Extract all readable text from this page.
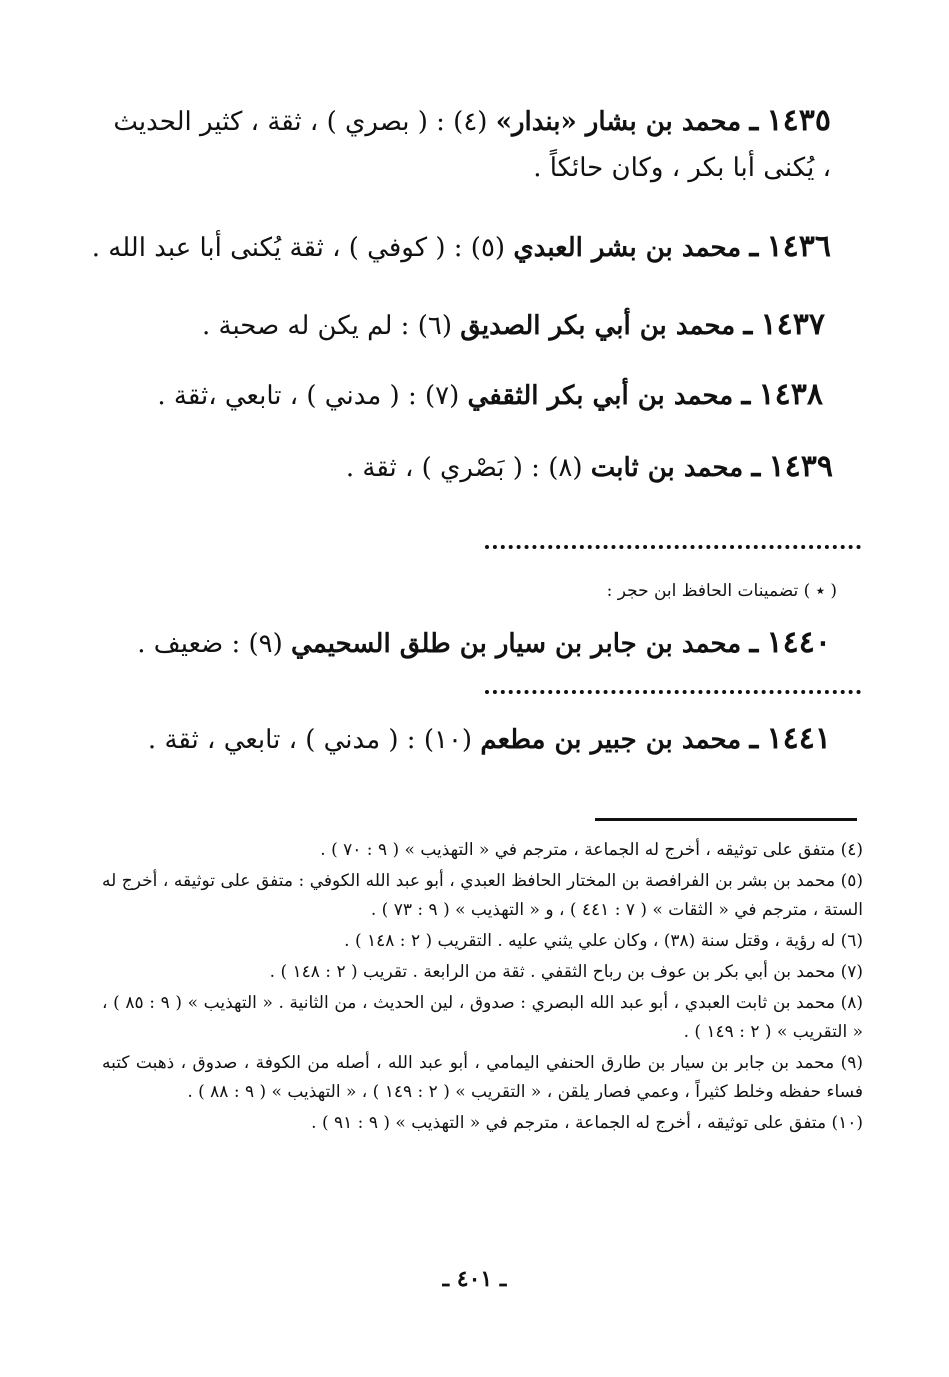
١٤٣٥ ـ محمد بن بشار «بندار» (٤) : ( بصري ) ، ثقة ، كثير الحديث ، يُكنى أبا بكر ، وكان حائكاً .
١٤٣٦ ـ محمد بن بشر العبدي (٥) : ( كوفي ) ، ثقة يُكنى أبا عبد الله .
١٤٣٧ ـ محمد بن أبي بكر الصديق (٦) : لم يكن له صحبة .
١٤٣٨ ـ محمد بن أبي بكر الثقفي (٧) : ( مدني ) ، تابعي ،ثقة .
١٤٣٩ ـ محمد بن ثابت (٨) : ( بَصْري ) ، ثقة .
( ٭ ) تضمينات الحافظ ابن حجر :
١٤٤٠ ـ محمد بن جابر بن سيار بن طلق السحيمي (٩) : ضعيف .
١٤٤١ ـ محمد بن جبير بن مطعم (١٠) : ( مدني ) ، تابعي ، ثقة .

(٤) متفق على توثيقه ، أخرج له الجماعة ، مترجم في « التهذيب » ( ٩ : ٧٠ ) .

(٥) محمد بن بشر بن الفرافصة بن المختار الحافظ العبدي ، أبو عبد الله الكوفي : متفق على توثيقه ، أخرج له الستة ، مترجم في « الثقات » ( ٧ : ٤٤١ ) ، و « التهذيب » ( ٩ : ٧٣ ) .

(٦) له رؤية ، وقتل سنة (٣٨) ، وكان علي يثني عليه . التقريب ( ٢ : ١٤٨ ) .

(٧) محمد بن أبي بكر بن عوف بن رباح الثقفي . ثقة من الرابعة . تقريب ( ٢ : ١٤٨ ) .

(٨) محمد بن ثابت العبدي ، أبو عبد الله البصري : صدوق ، لين الحديث ، من الثانية . « التهذيب » ( ٩ : ٨٥ ) ، « التقريب » ( ٢ : ١٤٩ ) .

(٩) محمد بن جابر بن سيار بن طارق الحنفي اليمامي ، أبو عبد الله ، أصله من الكوفة ، صدوق ، ذهبت كتبه فساء حفظه وخلط كثيراً ، وعمي فصار يلقن ، « التقريب » ( ٢ : ١٤٩ ) ، « التهذيب » ( ٩ : ٨٨ ) .

(١٠) متفق على توثيقه ، أخرج له الجماعة ، مترجم في « التهذيب » ( ٩ : ٩١ ) .

ـ ٤٠١ ـ
